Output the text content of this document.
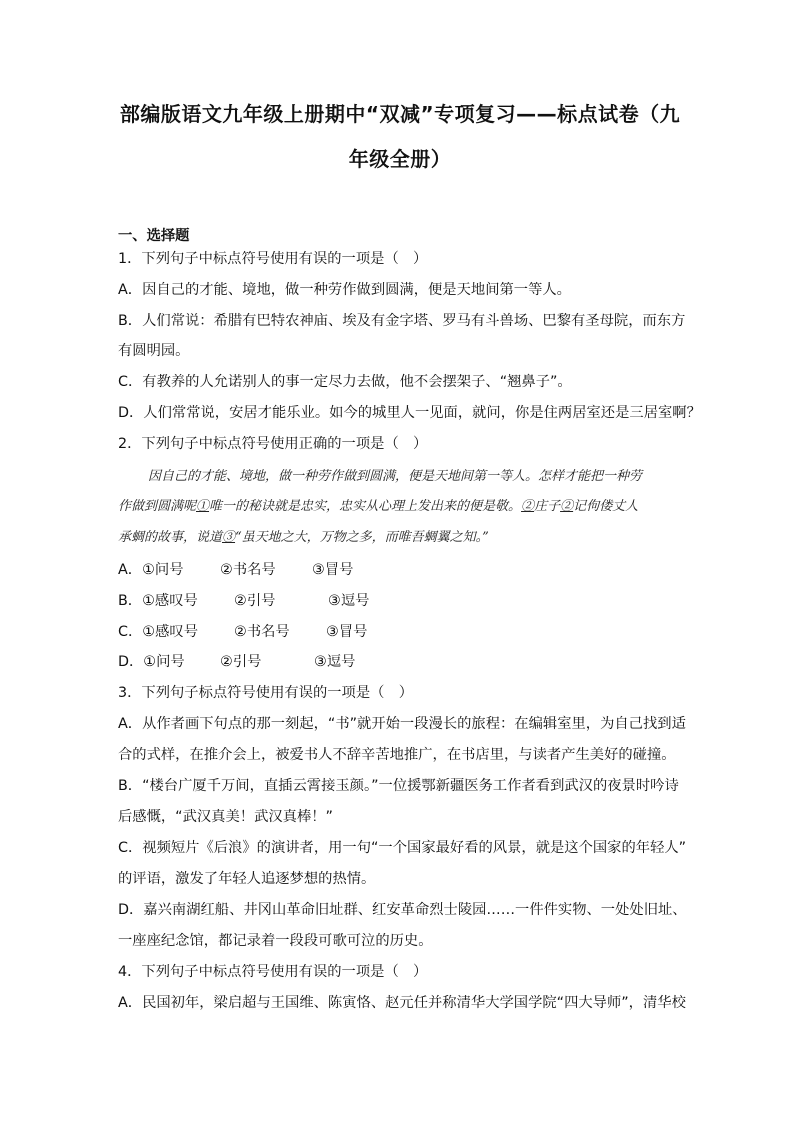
部编版语文九年级上册期中“双减”专项复习——标点试卷（九
年级全册）
一、选择题
1．下列句子中标点符号使用有误的一项是（　）
A．因自己的才能、境地，做一种劳作做到圆满，便是天地间第一等人。
B．人们常说：希腊有巴特农神庙、埃及有金字塔、罗马有斗兽场、巴黎有圣母院，而东方
有圆明园。
C．有教养的人允诺别人的事一定尽力去做，他不会摆架子、“翘鼻子”。
D．人们常常说，安居才能乐业。如今的城里人一见面，就问，你是住两居室还是三居室啊？
2．下列句子中标点符号使用正确的一项是（　）
因自己的才能、境地，做一种劳作做到圆满，便是天地间第一等人。怎样才能把一种劳
作做到圆满呢①唯一的秘诀就是忠实，忠实从心理上发出来的便是敬。②庄子②记佝偻丈人
承蜩的故事，说道③“虽天地之大，万物之多，而唯吾蜩翼之知。”
A．①问号	②书名号	③冒号
B．①感叹号	②引号	③逗号
C．①感叹号	②书名号	③冒号
D．①问号 ②引号	③逗号
3．下列句子标点符号使用有误的一项是（　）
A．从作者画下句点的那一刻起，“书”就开始一段漫长的旅程：在编辑室里，为自己找到适
合的式样，在推介会上，被爱书人不辞辛苦地推广，在书店里，与读者产生美好的碰撞。
B．“楼台广厦千万间，直插云霄接玉颜。”一位援鄂新疆医务工作者看到武汉的夜景时吟诗
后感慨，“武汉真美！武汉真棒！”
C．视频短片《后浪》的演讲者，用一句“一个国家最好看的风景，就是这个国家的年轻人”
的评语，激发了年轻人追逐梦想的热情。
D．嘉兴南湖红船、井冈山革命旧址群、红安革命烈士陵园……一件件实物、一处处旧址、
一座座纪念馆，都记录着一段段可歌可泣的历史。
4．下列句子中标点符号使用有误的一项是（　）
A．民国初年，梁启超与王国维、陈寅恪、赵元任并称清华大学国学院“四大导师”，清华校
